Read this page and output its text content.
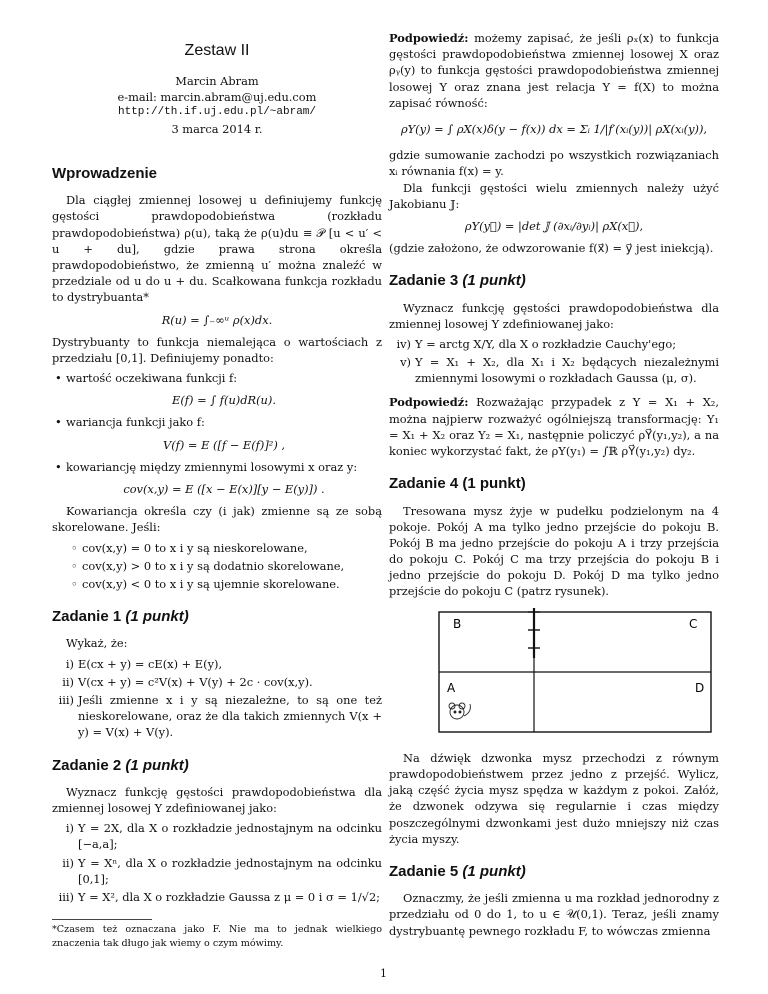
Zestaw II

Marcin Abram

e-mail: marcin.abram@uj.edu.com

http://th.if.uj.edu.pl/~abram/

3 marca 2014 r.

Wprowadzenie

Dla ciągłej zmiennej losowej u definiujemy funkcję gęstości prawdopodobieństwa (rozkładu prawdopodobieństwa) ρ(u), taką że ρ(u)du ≡ 𝒫 [u < u′ < u + du], gdzie prawa strona określa prawdopodobieństwo, że zmienną u′ można znaleźć w przedziale od u do u + du. Scałkowana funkcja rozkładu to dystrybuanta*

R(u) = ∫₋∞ᵘ ρ(x)dx.

Dystrybuanty to funkcja niemalejąca o wartościach z przedziału [0,1]. Definiujemy ponadto:

• wartość oczekiwana funkcji f:
E(f) = ∫ f(u)dR(u).
• wariancja funkcji jako f:
V(f) = E ([f − E(f)]²) ,
• kowariancję między zmiennymi losowymi x oraz y:
cov(x,y) = E ([x − E(x)][y − E(y)]) .

Kowariancja określa czy (i jak) zmienne są ze sobą skorelowane. Jeśli:

◦ cov(x,y) = 0 to x i y są nieskorelowane,
◦ cov(x,y) > 0 to x i y są dodatnio skorelowane,
◦ cov(x,y) < 0 to x i y są ujemnie skorelowane.
Zadanie 1 (1 punkt)

Wykaż, że:

i) E(cx + y) = cE(x) + E(y),
ii) V(cx + y) = c²V(x) + V(y) + 2c · cov(x,y).
iii) Jeśli zmienne x i y są niezależne, to są one też nieskorelowane, oraz że dla takich zmiennych V(x + y) = V(x) + V(y).
Zadanie 2 (1 punkt)

Wyznacz funkcję gęstości prawdopodobieństwa dla zmiennej losowej Y zdefiniowanej jako:

i) Y = 2X, dla X o rozkładzie jednostajnym na odcinku [−a,a];
ii) Y = Xⁿ, dla X o rozkładzie jednostajnym na odcinku [0,1];
iii) Y = X², dla X o rozkładzie Gaussa z μ = 0 i σ = 1/√2;

*Czasem też oznaczana jako F. Nie ma to jednak wielkiego znaczenia tak długo jak wiemy o czym mówimy.

Podpowiedź: możemy zapisać, że jeśli ρₓ(x) to funkcja gęstości prawdopodobieństwa zmiennej losowej X oraz ρᵧ(y) to funkcja gęstości prawdopodobieństwa zmiennej losowej Y oraz znana jest relacja Y = f(X) to można zapisać równość:

ρY(y) = ∫ ρX(x)δ(y − f(x)) dx = Σᵢ 1/|f′(xᵢ(y))| ρX(xᵢ(y)),

gdzie sumowanie zachodzi po wszystkich rozwiązaniach xᵢ równania f(x) = y.

Dla funkcji gęstości wielu zmiennych należy użyć Jakobianu 𝕁:

ρY(y⃗) = |det 𝕁 (∂xᵢ/∂yᵢ)| ρX(x⃗),

(gdzie założono, że odwzorowanie f(x⃗) = y⃗ jest iniekcją).

Zadanie 3 (1 punkt)

Wyznacz funkcję gęstości prawdopodobieństwa dla zmiennej losowej Y zdefiniowanej jako:

iv) Y = arctg X/Y, dla X o rozkładzie Cauchy'ego;
v) Y = X₁ + X₂, dla X₁ i X₂ będących niezależnymi zmiennymi losowymi o rozkładach Gaussa (μ, σ).

Podpowiedź: Rozważając przypadek z Y = X₁ + X₂, można najpierw rozważyć ogólniejszą transformację: Y₁ = X₁ + X₂ oraz Y₂ = X₁, następnie policzyć ρY⃗(y₁,y₂), a na koniec wykorzystać fakt, że ρY(y₁) = ∫ℝ ρY⃗(y₁,y₂) dy₂.

Zadanie 4 (1 punkt)

Tresowana mysz żyje w pudełku podzielonym na 4 pokoje. Pokój A ma tylko jedno przejście do pokoju B. Pokój B ma jedno przejście do pokoju A i trzy przejścia do pokoju C. Pokój C ma trzy przejścia do pokoju B i jedno przejście do pokoju D. Pokój D ma tylko jedno przejście do pokoju C (patrz rysunek).

B	C
A	D

Na dźwięk dzwonka mysz przechodzi z równym prawdopodobieństwem przez jedno z przejść. Wylicz, jaką część życia mysz spędza w każdym z pokoi. Załóż, że dzwonek odzywa się regularnie i czas między poszczególnymi dzwonkami jest dużo mniejszy niż czas życia myszy.

Zadanie 5 (1 punkt)

Oznaczmy, że jeśli zmienna u ma rozkład jednorodny z przedziału od 0 do 1, to u ∈ 𝒰(0,1). Teraz, jeśli znamy dystrybuantę pewnego rozkładu F, to wówczas zmienna

1
